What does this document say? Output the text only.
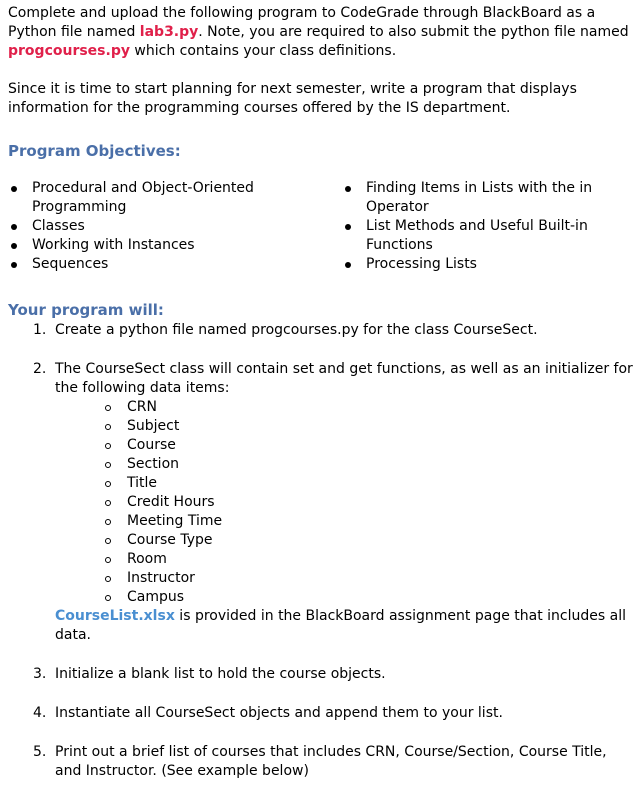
Complete and upload the following program to CodeGrade through BlackBoard as a Python file named lab3.py. Note, you are required to also submit the python file named progcourses.py which contains your class definitions.

Since it is time to start planning for next semester, write a program that displays information for the programming courses offered by the IS department.

Program Objectives:
Procedural and Object-Oriented Programming
Classes
Working with Instances
Sequences
Finding Items in Lists with the in Operator
List Methods and Useful Built-in Functions
Processing Lists
Your program will:
1. Create a python file named progcourses.py for the class CourseSect.
2. The CourseSect class will contain set and get functions, as well as an initializer for the following data items:
CRN
Subject
Course
Section
Title
Credit Hours
Meeting Time
Course Type
Room
Instructor
Campus
CourseList.xlsx is provided in the BlackBoard assignment page that includes all data.
3. Initialize a blank list to hold the course objects.
4. Instantiate all CourseSect objects and append them to your list.
5. Print out a brief list of courses that includes CRN, Course/Section, Course Title, and Instructor. (See example below)
